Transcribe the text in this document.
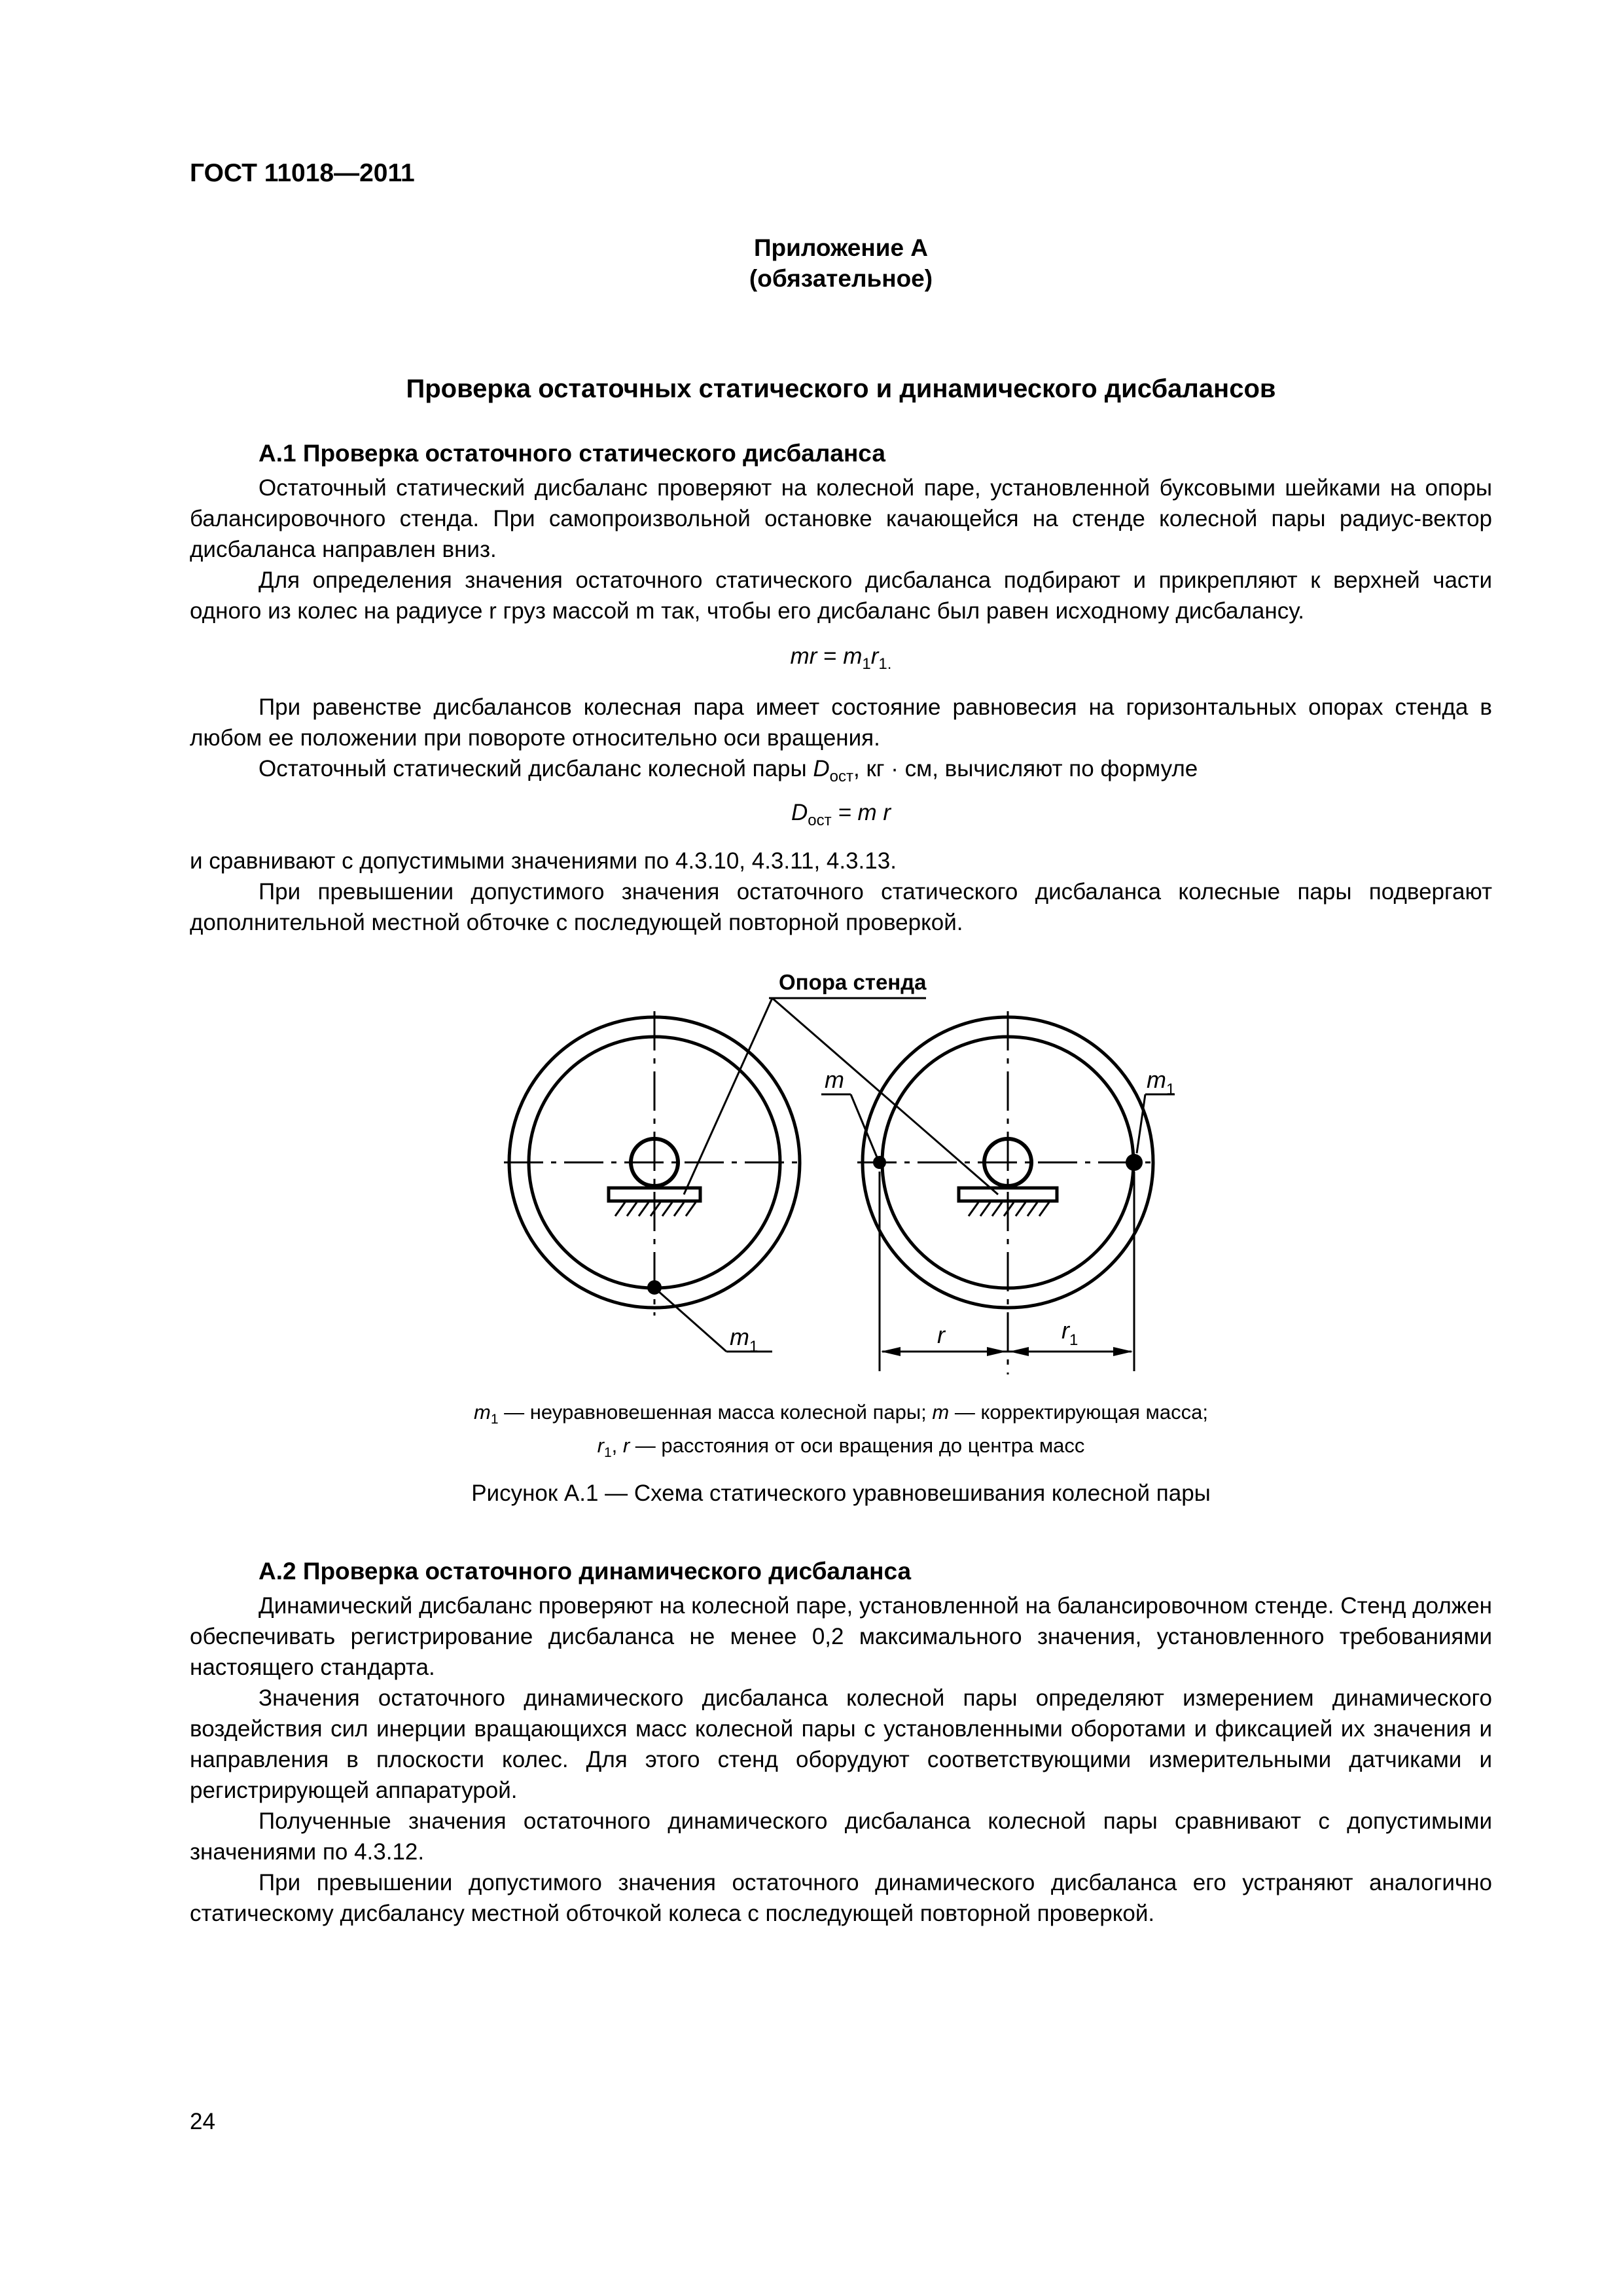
ГОСТ 11018—2011
Приложение А
(обязательное)
Проверка остаточных статического и динамического дисбалансов
А.1 Проверка остаточного статического дисбаланса
Остаточный статический дисбаланс проверяют на колесной паре, установленной буксовыми шейками на опоры балансировочного стенда. При самопроизвольной остановке качающейся на стенде колесной пары радиус-вектор дисбаланса направлен вниз.
Для определения значения остаточного статического дисбаланса подбирают и прикрепляют к верхней части одного из колес на радиусе r груз массой m так, чтобы его дисбаланс был равен исходному дисбалансу.
mr = $m_1r_{1.}$
При равенстве дисбалансов колесная пара имеет состояние равновесия на горизонтальных опорах стенда в любом ее положении при повороте относительно оси вращения.
Остаточный статический дисбаланс колесной пары $D_{ост}$, кг · см, вычисляют по формуле
$D_{ост} = m$ r
и сравнивают с допустимыми значениями по 4.3.10, 4.3.11, 4.3.13.
При превышении допустимого значения остаточного статического дисбаланса колесные пары подвергают дополнительной местной обточке с последующей повторной проверкой.
Опора стенда
m	$m_1$
$m_1$	r	$r_1$
$m_1$ — неуравновешенная масса колесной пары; m — корректирующая масса;
$r_1$, r — расстояния от оси вращения до центра масс
Рисунок А.1 — Схема статического уравновешивания колесной пары
А.2 Проверка остаточного динамического дисбаланса
Динамический дисбаланс проверяют на колесной паре, установленной на балансировочном стенде. Стенд должен обеспечивать регистрирование дисбаланса не менее 0,2 максимального значения, установленного требованиями настоящего стандарта.
Значения остаточного динамического дисбаланса колесной пары определяют измерением динамического воздействия сил инерции вращающихся масс колесной пары с установленными оборотами и фиксацией их значения и направления в плоскости колес. Для этого стенд оборудуют соответствующими измерительными датчиками и регистрирующей аппаратурой.
Полученные значения остаточного динамического дисбаланса колесной пары сравнивают с допустимыми значениями по 4.3.12.
При превышении допустимого значения остаточного динамического дисбаланса его устраняют аналогично статическому дисбалансу местной обточкой колеса с последующей повторной проверкой.
24
